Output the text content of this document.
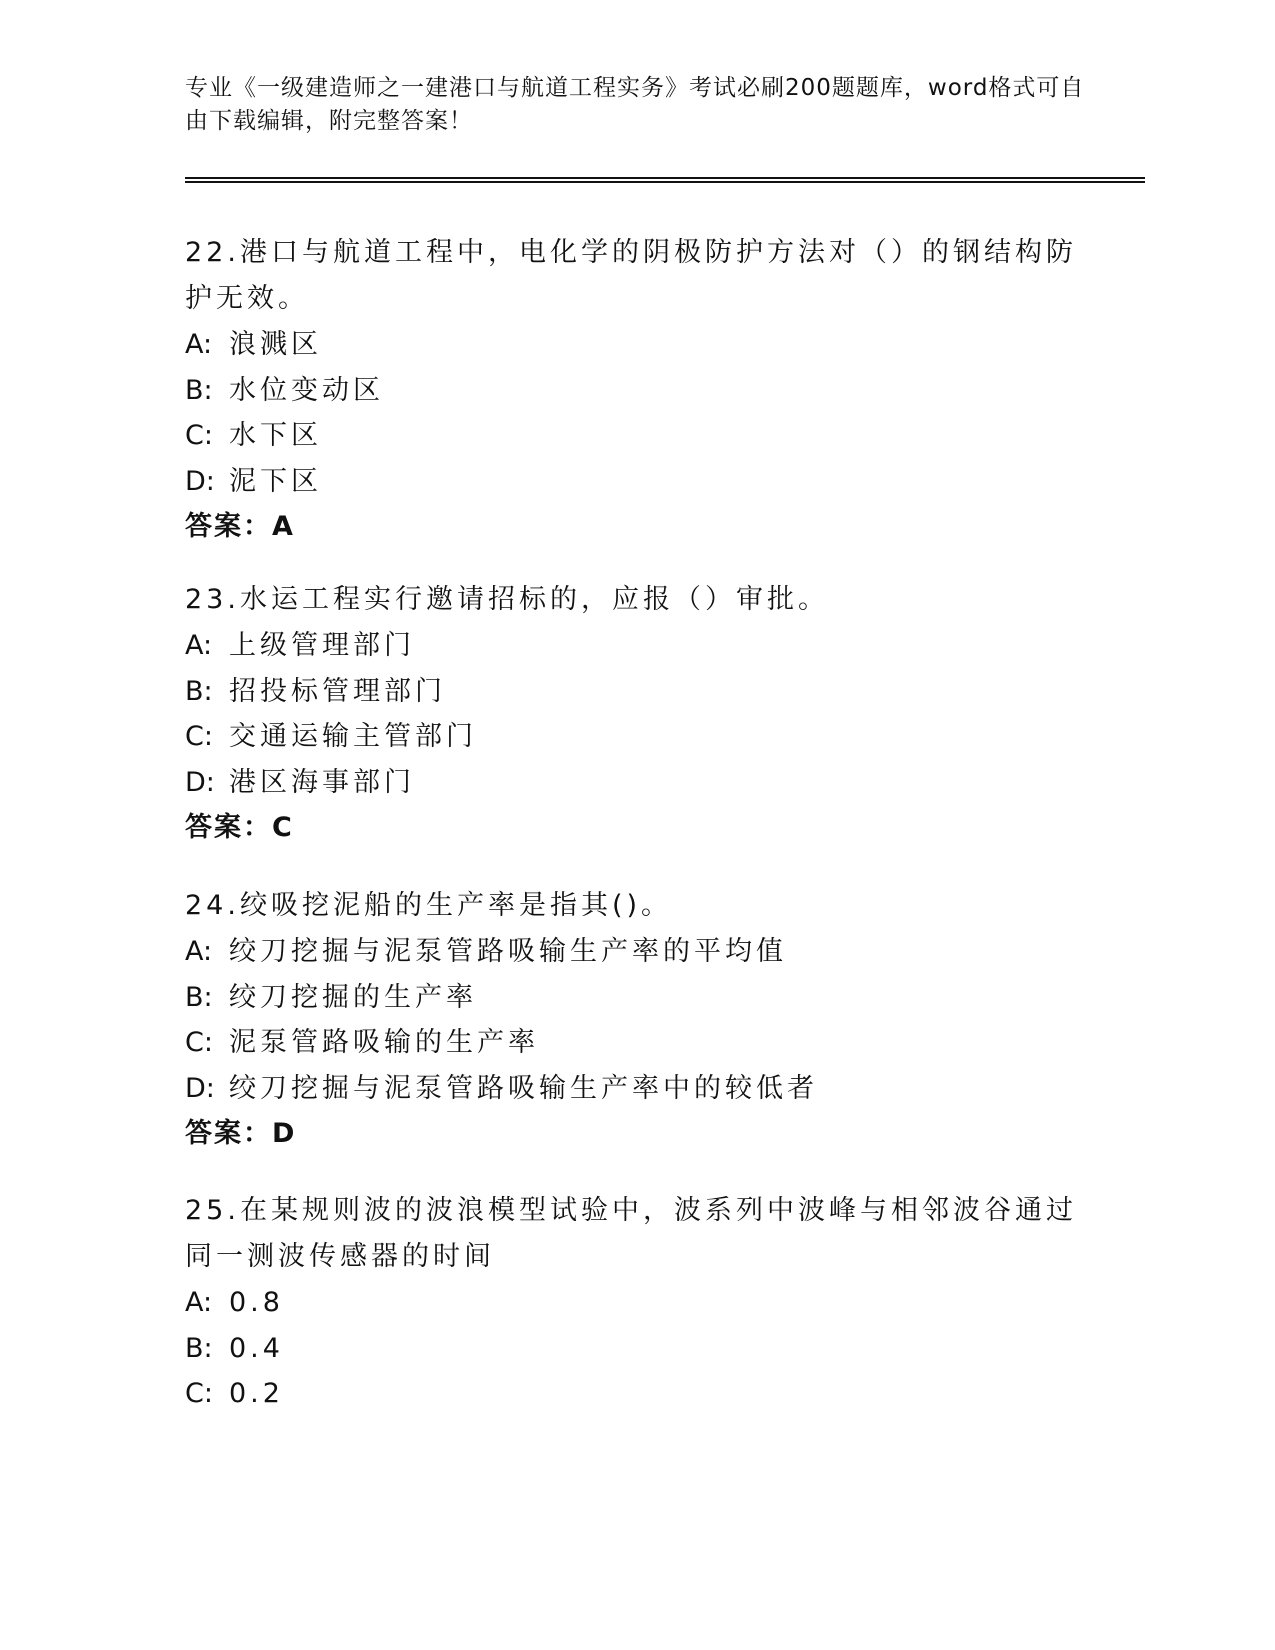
专业《一级建造师之一建港口与航道工程实务》考试必刷200题题库，word格式可自由下载编辑，附完整答案！
22.港口与航道工程中，电化学的阴极防护方法对（）的钢结构防护无效。
A: 浪溅区
B: 水位变动区
C: 水下区
D: 泥下区
答案：A
23.水运工程实行邀请招标的，应报（）审批。
A: 上级管理部门
B: 招投标管理部门
C: 交通运输主管部门
D: 港区海事部门
答案：C
24.绞吸挖泥船的生产率是指其()。
A: 绞刀挖掘与泥泵管路吸输生产率的平均值
B: 绞刀挖掘的生产率
C: 泥泵管路吸输的生产率
D: 绞刀挖掘与泥泵管路吸输生产率中的较低者
答案：D
25.在某规则波的波浪模型试验中，波系列中波峰与相邻波谷通过同一测波传感器的时间
A: 0.8
B: 0.4
C: 0.2
